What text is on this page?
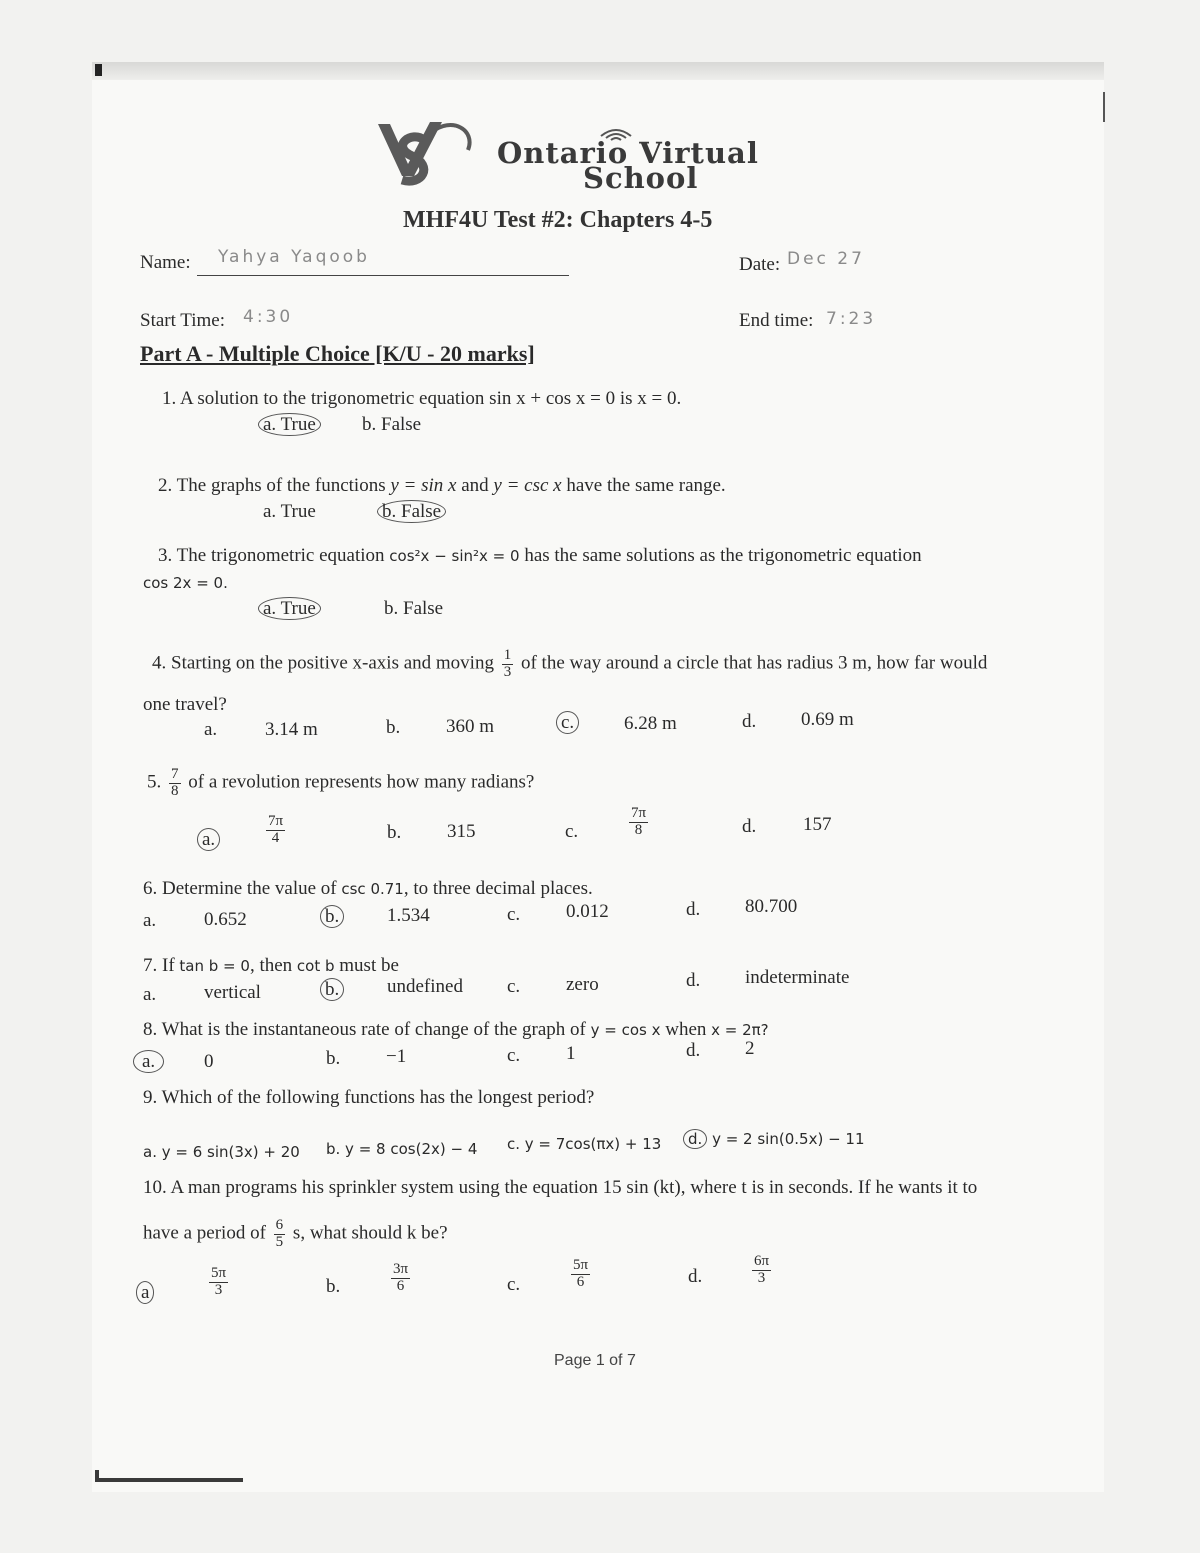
Ontario Virtual
School
MHF4U Test #2: Chapters 4-5
Name: Yahya Yaqoob	Date: Dec 27
Start Time: 4:30	End time: 7:23
Part A - Multiple Choice [K/U - 20 marks]
1. A solution to the trigonometric equation sin x + cos x = 0 is x = 0.
a. True b. False
2. The graphs of the functions y = sin x and y = csc x have the same range.
a. True	b. False
3. The trigonometric equation cos²x − sin²x = 0 has the same solutions as the trigonometric equation
cos 2x = 0.
a. True	b. False
4. Starting on the positive x-axis and moving $\frac{1}{3}$ of the way around a circle that has radius 3 m, how far would
one travel?
a.	3.14 m	b. 360 m	c.	6.28 m	d. 0.69 m
5. $\frac{7}{8}$ of a revolution represents how many radians?
a.	$\frac{7\pi}{4}$	b. 315	c.	$\frac{7\pi}{8}$	d. 157
6. Determine the value of csc 0.71, to three decimal places.
a.	0.652	b.	1.534	c. 0.012	d. 80.700
7. If tan b = 0, then cot b must be
a.	vertical	b.	undefined c. zero	d. indeterminate
8. What is the instantaneous rate of change of the graph of y = cos x when x = 2π?
a.	0	b. −1	c. 1	d. 2
9. Which of the following functions has the longest period?
a. y = 6 sin(3x) + 20 b. y = 8 cos(2x) − 4 c. y = 7cos(πx) + 13	d. y = 2 sin(0.5x) − 11
10. A man programs his sprinkler system using the equation 15 sin (kt), where t is in seconds. If he wants it to
have a period of $\frac{6}{5} s$, what should k be?
a	$\frac{5\pi}{3}$	b.	$\frac{3\pi}{6}$	c.	$\frac{5\pi}{6}$	d.	$\frac{6\pi}{3}$
Page 1 of 7
